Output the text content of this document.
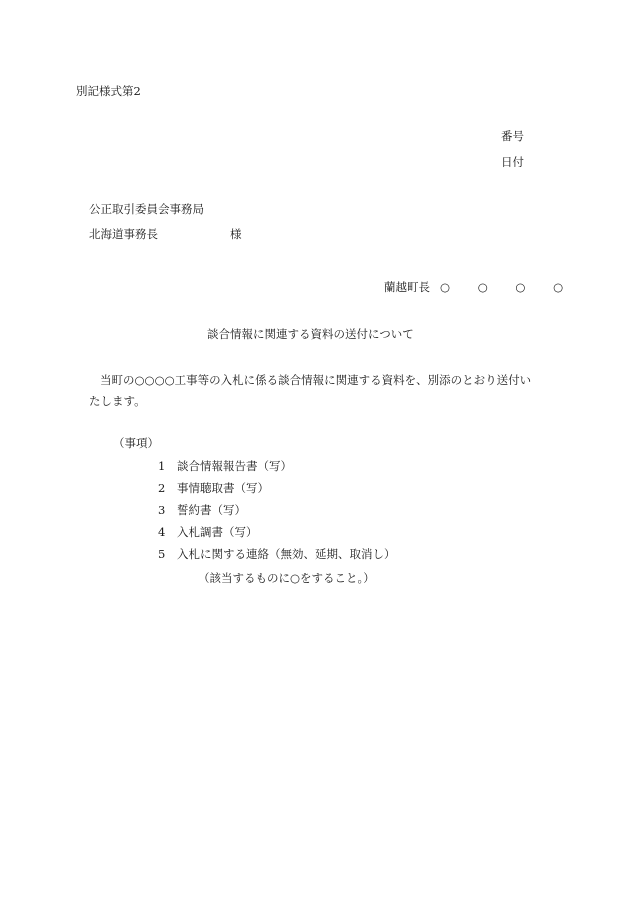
別記様式第2
番号
日付
公正取引委員会事務局
北海道事務長	様
蘭越町長 ○ ○ ○ ○
談合情報に関連する資料の送付について
当町の○○○○工事等の入札に係る談合情報に関連する資料を、別添のとおり送付い
たします。
（事項）
1 談合情報報告書（写）
2 事情聴取書（写）
3 誓約書（写）
4 入札調書（写）
5 入札に関する連絡（無効、延期、取消し）
（該当するものに○をすること。）
